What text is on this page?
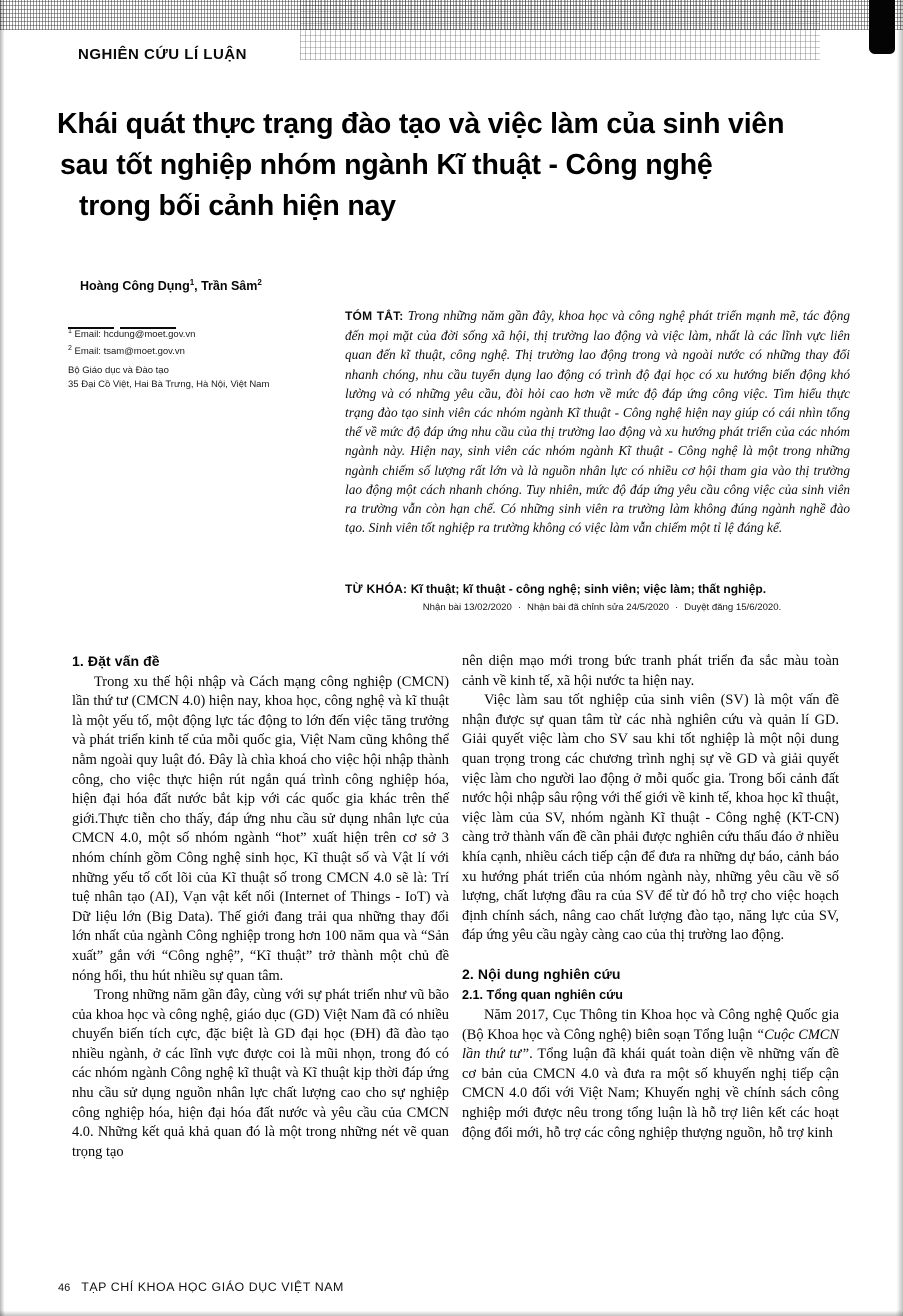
NGHIÊN CỨU LÍ LUẬN
Khái quát thực trạng đào tạo và việc làm của sinh viên
sau tốt nghiệp nhóm ngành Kĩ thuật - Công nghệ
trong bối cảnh hiện nay
Hoàng Công Dụng$^1$, Trần Sâm$^2$
$^1$ Email: hcdung@moet.gov.vn
$^2$ Email: tsam@moet.gov.vn
Bộ Giáo dục và Đào tạo
35 Đại Cồ Việt, Hai Bà Trưng, Hà Nội, Việt Nam
TÓM TẮT: Trong những năm gần đây, khoa học và công nghệ phát triển mạnh mẽ, tác động đến mọi mặt của đời sống xã hội, thị trường lao động và việc làm, nhất là các lĩnh vực liên quan đến kĩ thuật, công nghệ. Thị trường lao động trong và ngoài nước có những thay đổi nhanh chóng, nhu cầu tuyển dụng lao động có trình độ đại học có xu hướng biến động khó lường và có những yêu cầu, đòi hỏi cao hơn về mức độ đáp ứng công việc. Tìm hiểu thực trạng đào tạo sinh viên các nhóm ngành Kĩ thuật - Công nghệ hiện nay giúp có cái nhìn tổng thể về mức độ đáp ứng nhu cầu của thị trường lao động và xu hướng phát triển của các nhóm ngành này. Hiện nay, sinh viên các nhóm ngành Kĩ thuật - Công nghệ là một trong những ngành chiếm số lượng rất lớn và là nguồn nhân lực có nhiều cơ hội tham gia vào thị trường lao động một cách nhanh chóng. Tuy nhiên, mức độ đáp ứng yêu cầu công việc của sinh viên ra trường vẫn còn hạn chế. Có những sinh viên ra trường làm không đúng ngành nghề đào tạo. Sinh viên tốt nghiệp ra trường không có việc làm vẫn chiếm một tỉ lệ đáng kể.
TỪ KHÓA: Kĩ thuật; kĩ thuật - công nghệ; sinh viên; việc làm; thất nghiệp.
Nhận bài 13/02/2020 · Nhận bài đã chỉnh sửa 24/5/2020 · Duyệt đăng 15/6/2020.
1. Đặt vấn đề

Trong xu thế hội nhập và Cách mạng công nghiệp (CMCN) lần thứ tư (CMCN 4.0) hiện nay, khoa học, công nghệ và kĩ thuật là một yếu tố, một động lực tác động to lớn đến việc tăng trưởng và phát triển kinh tế của mỗi quốc gia, Việt Nam cũng không thể nằm ngoài quy luật đó. Đây là chìa khoá cho việc hội nhập thành công, cho việc thực hiện rút ngắn quá trình công nghiệp hóa, hiện đại hóa đất nước bắt kịp với các quốc gia khác trên thế giới.Thực tiễn cho thấy, đáp ứng nhu cầu sử dụng nhân lực của CMCN 4.0, một số nhóm ngành “hot” xuất hiện trên cơ sở 3 nhóm chính gồm Công nghệ sinh học, Kĩ thuật số và Vật lí với những yếu tố cốt lõi của Kĩ thuật số trong CMCN 4.0 sẽ là: Trí tuệ nhân tạo (AI), Vạn vật kết nối (Internet of Things - IoT) và Dữ liệu lớn (Big Data). Thế giới đang trải qua những thay đổi lớn nhất của ngành Công nghiệp trong hơn 100 năm qua và “Sản xuất” gắn với “Công nghệ”, “Kĩ thuật” trở thành một chủ đề nóng hổi, thu hút nhiều sự quan tâm.

Trong những năm gần đây, cùng với sự phát triển như vũ bão của khoa học và công nghệ, giáo dục (GD) Việt Nam đã có nhiều chuyển biến tích cực, đặc biệt là GD đại học (ĐH) đã đào tạo nhiều ngành, ở các lĩnh vực được coi là mũi nhọn, trong đó có các nhóm ngành Công nghệ kĩ thuật và Kĩ thuật kịp thời đáp ứng nhu cầu sử dụng nguồn nhân lực chất lượng cao cho sự nghiệp công nghiệp hóa, hiện đại hóa đất nước và yêu cầu của CMCN 4.0. Những kết quả khả quan đó là một trong những nét vẽ quan trọng tạo

nên diện mạo mới trong bức tranh phát triển đa sắc màu toàn cảnh về kinh tế, xã hội nước ta hiện nay.

Việc làm sau tốt nghiệp của sinh viên (SV) là một vấn đề nhận được sự quan tâm từ các nhà nghiên cứu và quản lí GD. Giải quyết việc làm cho SV sau khi tốt nghiệp là một nội dung quan trọng trong các chương trình nghị sự về GD và giải quyết việc làm cho người lao động ở mỗi quốc gia. Trong bối cảnh đất nước hội nhập sâu rộng với thế giới về kinh tế, khoa học kĩ thuật, việc làm của SV, nhóm ngành Kĩ thuật - Công nghệ (KT-CN) càng trở thành vấn đề cần phải được nghiên cứu thấu đáo ở nhiều khía cạnh, nhiều cách tiếp cận để đưa ra những dự báo, cảnh báo xu hướng phát triển của nhóm ngành này, những yêu cầu về số lượng, chất lượng đầu ra của SV để từ đó hỗ trợ cho việc hoạch định chính sách, nâng cao chất lượng đào tạo, năng lực của SV, đáp ứng yêu cầu ngày càng cao của thị trường lao động.

2. Nội dung nghiên cứu
2.1. Tổng quan nghiên cứu

Năm 2017, Cục Thông tin Khoa học và Công nghệ Quốc gia (Bộ Khoa học và Công nghệ) biên soạn Tổng luận “Cuộc CMCN lần thứ tư”. Tổng luận đã khái quát toàn diện về những vấn đề cơ bản của CMCN 4.0 và đưa ra một số khuyến nghị tiếp cận CMCN 4.0 đối với Việt Nam; Khuyến nghị về chính sách công nghiệp mới được nêu trong tổng luận là hỗ trợ liên kết các hoạt động đổi mới, hỗ trợ các công nghiệp thượng nguồn, hỗ trợ kinh

46 TẠP CHÍ KHOA HỌC GIÁO DỤC VIỆT NAM
